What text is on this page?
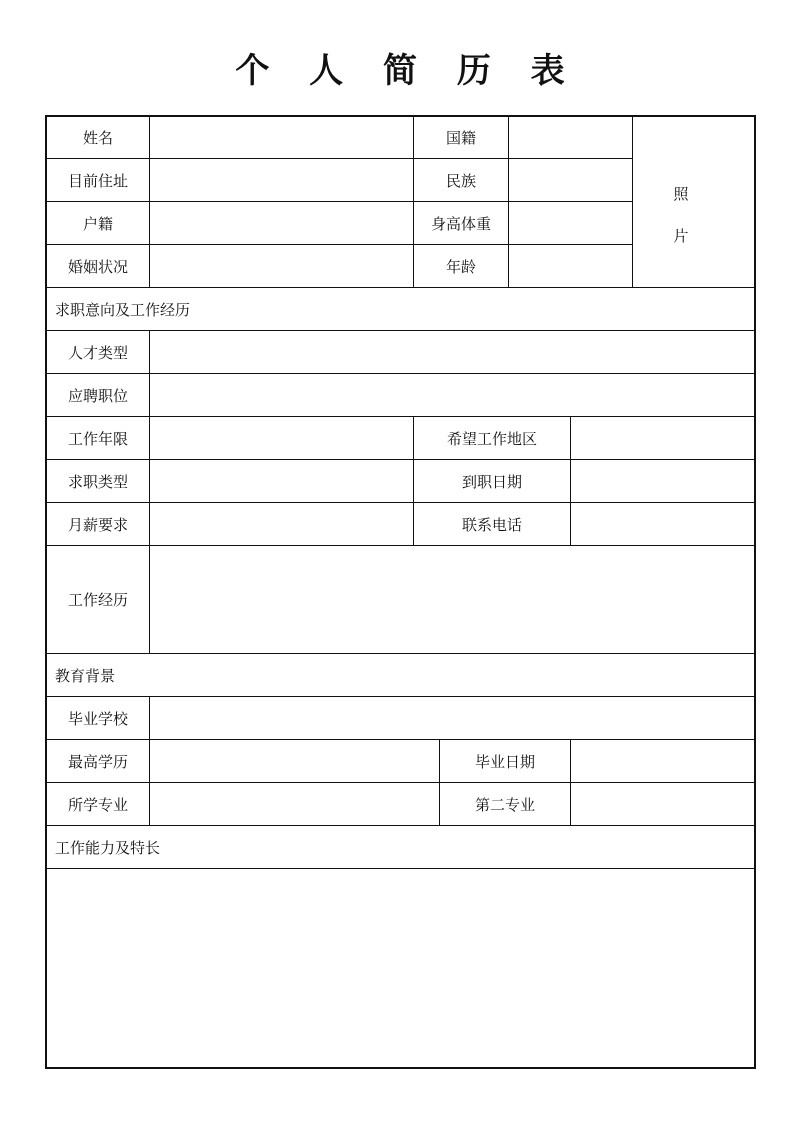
个 人 简 历 表
姓名	国籍
目前住址	民族
户籍	身高体重
婚姻状况	年龄
照
片
求职意向及工作经历
人才类型
应聘职位
工作年限	希望工作地区
求职类型	到职日期
月薪要求	联系电话
工作经历
教育背景
毕业学校
最高学历	毕业日期
所学专业	第二专业
工作能力及特长
